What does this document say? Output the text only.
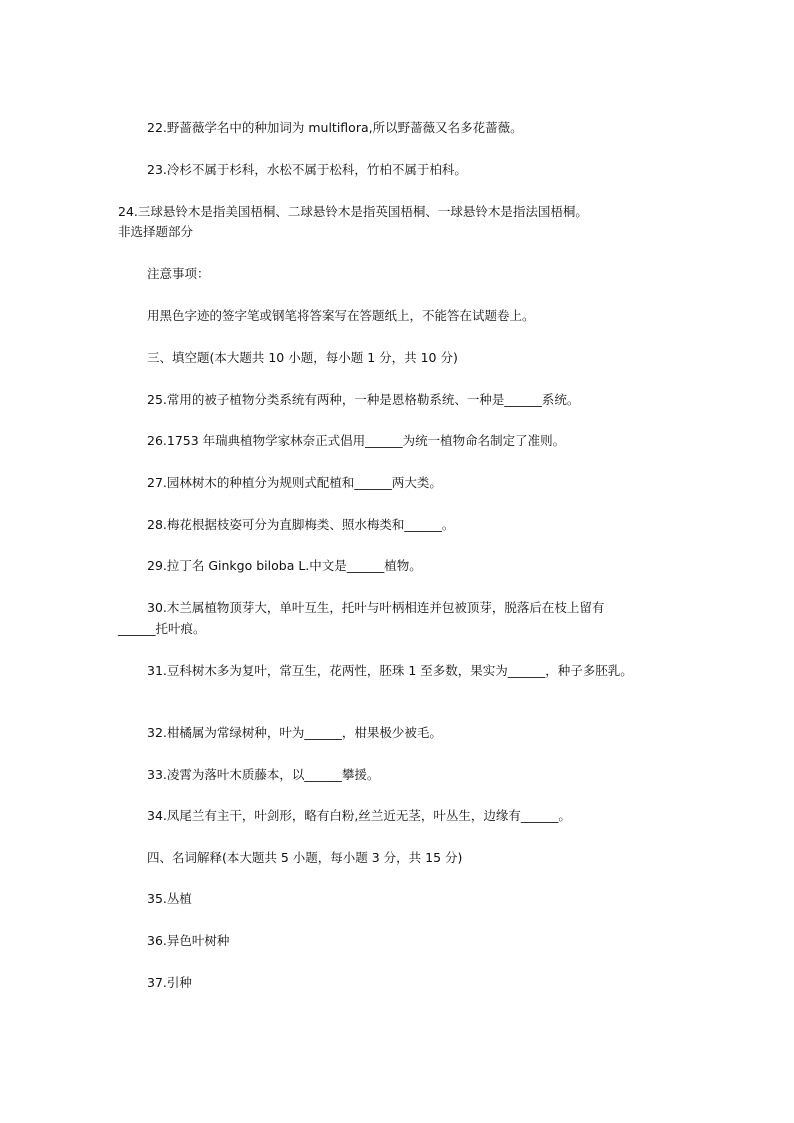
22.野蔷薇学名中的种加词为 multiflora,所以野蔷薇又名多花蔷薇。
23.冷杉不属于杉科，水松不属于松科，竹柏不属于柏科。
24.三球悬铃木是指美国梧桐、二球悬铃木是指英国梧桐、一球悬铃木是指法国梧桐。
非选择题部分
注意事项：
用黑色字迹的签字笔或钢笔将答案写在答题纸上，不能答在试题卷上。
三、填空题(本大题共 10 小题，每小题 1 分，共 10 分)
25.常用的被子植物分类系统有两种，一种是恩格勒系统、一种是______系统。
26.1753 年瑞典植物学家林奈正式倡用______为统一植物命名制定了准则。
27.园林树木的种植分为规则式配植和______两大类。
28.梅花根据枝姿可分为直脚梅类、照水梅类和______。
29.拉丁名 Ginkgo biloba L.中文是______植物。
30.木兰属植物顶芽大，单叶互生，托叶与叶柄相连并包被顶芽，脱落后在枝上留有
______托叶痕。
31.豆科树木多为复叶，常互生，花两性，胚珠 1 至多数，果实为______，种子多胚乳。
32.柑橘属为常绿树种，叶为______，柑果极少被毛。
33.凌霄为落叶木质藤本，以______攀援。
34.凤尾兰有主干，叶剑形，略有白粉,丝兰近无茎，叶丛生，边缘有______。
四、名词解释(本大题共 5 小题，每小题 3 分，共 15 分)
35.丛植
36.异色叶树种
37.引种
